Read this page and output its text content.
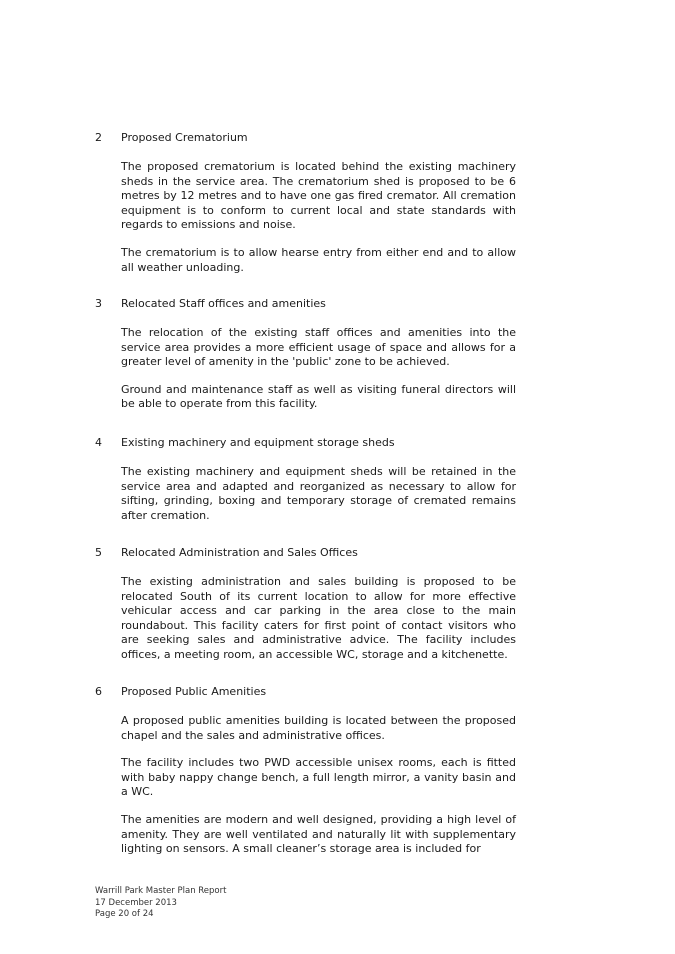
2 Proposed Crematorium

The proposed crematorium is located behind the existing machinery sheds in the service area. The crematorium shed is proposed to be 6 metres by 12 metres and to have one gas fired cremator. All cremation equipment is to conform to current local and state standards with regards to emissions and noise.

The crematorium is to allow hearse entry from either end and to allow all weather unloading.

3 Relocated Staff offices and amenities

The relocation of the existing staff offices and amenities into the service area provides a more efficient usage of space and allows for a greater level of amenity in the 'public' zone to be achieved.

Ground and maintenance staff as well as visiting funeral directors will be able to operate from this facility.

4 Existing machinery and equipment storage sheds

The existing machinery and equipment sheds will be retained in the service area and adapted and reorganized as necessary to allow for sifting, grinding, boxing and temporary storage of cremated remains after cremation.

5 Relocated Administration and Sales Offices

The existing administration and sales building is proposed to be relocated South of its current location to allow for more effective vehicular access and car parking in the area close to the main roundabout. This facility caters for first point of contact visitors who are seeking sales and administrative advice. The facility includes offices, a meeting room, an accessible WC, storage and a kitchenette.

6 Proposed Public Amenities

A proposed public amenities building is located between the proposed chapel and the sales and administrative offices.

The facility includes two PWD accessible unisex rooms, each is fitted with baby nappy change bench, a full length mirror, a vanity basin and a WC.

The amenities are modern and well designed, providing a high level of amenity. They are well ventilated and naturally lit with supplementary lighting on sensors. A small cleaner’s storage area is included for

Warrill Park Master Plan Report
17 December 2013
Page 20 of 24
